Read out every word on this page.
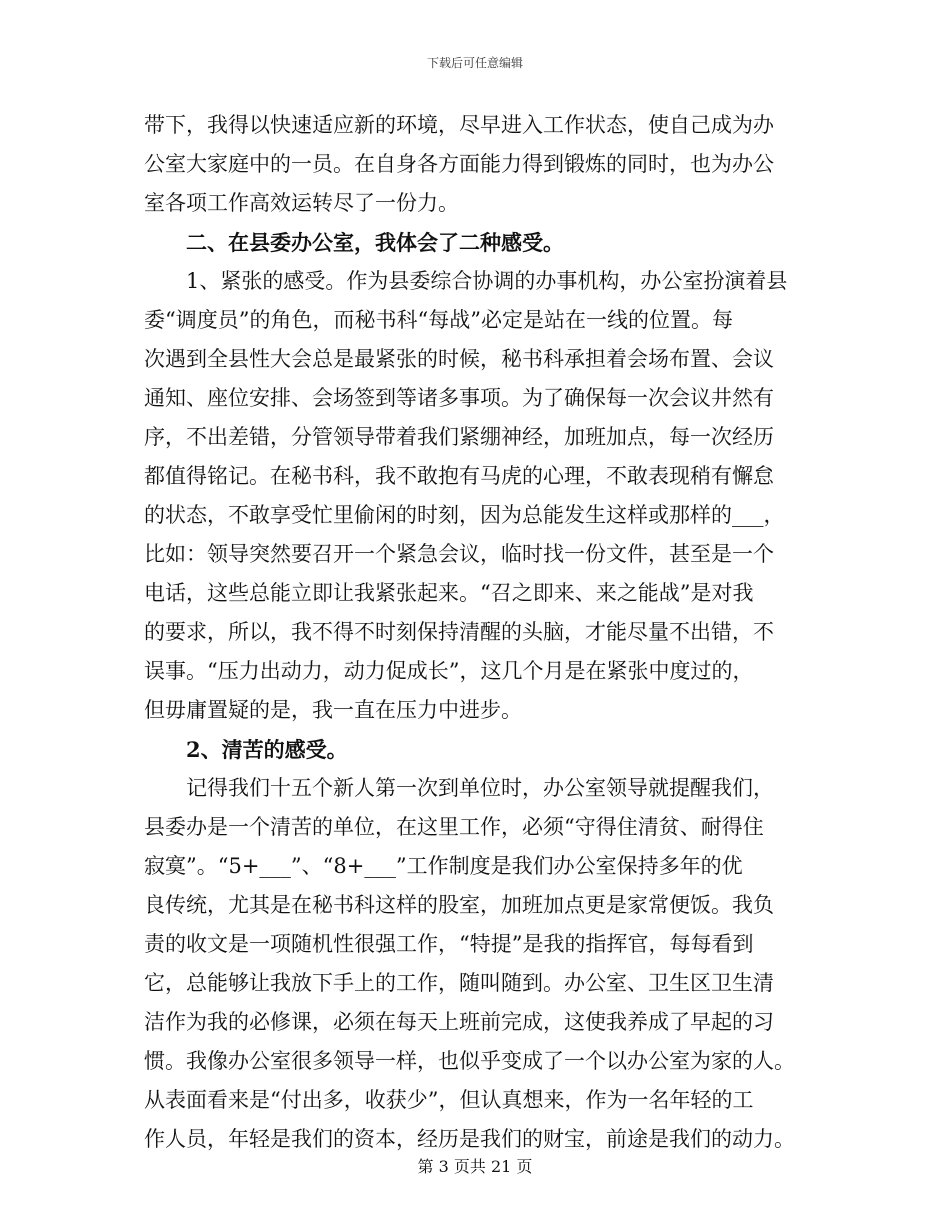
下载后可任意编辑
带下，我得以快速适应新的环境，尽早进入工作状态，使自己成为办
公室大家庭中的一员。在自身各方面能力得到锻炼的同时，也为办公
室各项工作高效运转尽了一份力。
二、在县委办公室，我体会了二种感受。
1、紧张的感受。作为县委综合协调的办事机构，办公室扮演着县
委“调度员”的角色，而秘书科“每战”必定是站在一线的位置。每
次遇到全县性大会总是最紧张的时候，秘书科承担着会场布置、会议
通知、座位安排、会场签到等诸多事项。为了确保每一次会议井然有
序，不出差错，分管领导带着我们紧绷神经，加班加点，每一次经历
都值得铭记。在秘书科，我不敢抱有马虎的心理，不敢表现稍有懈怠
的状态，不敢享受忙里偷闲的时刻，因为总能发生这样或那样的___，
比如：领导突然要召开一个紧急会议，临时找一份文件，甚至是一个
电话，这些总能立即让我紧张起来。“召之即来、来之能战”是对我
的要求，所以，我不得不时刻保持清醒的头脑，才能尽量不出错，不
误事。“压力出动力，动力促成长”，这几个月是在紧张中度过的，
但毋庸置疑的是，我一直在压力中进步。
2、清苦的感受。
记得我们十五个新人第一次到单位时，办公室领导就提醒我们，
县委办是一个清苦的单位，在这里工作，必须“守得住清贫、耐得住
寂寞”。“5+___”、“8+___”工作制度是我们办公室保持多年的优
良传统，尤其是在秘书科这样的股室，加班加点更是家常便饭。我负
责的收文是一项随机性很强工作，“特提”是我的指挥官，每每看到
它，总能够让我放下手上的工作，随叫随到。办公室、卫生区卫生清
洁作为我的必修课，必须在每天上班前完成，这使我养成了早起的习
惯。我像办公室很多领导一样，也似乎变成了一个以办公室为家的人。
从表面看来是“付出多，收获少”，但认真想来，作为一名年轻的工
作人员，年轻是我们的资本，经历是我们的财宝，前途是我们的动力。
第 3 页共 21 页
